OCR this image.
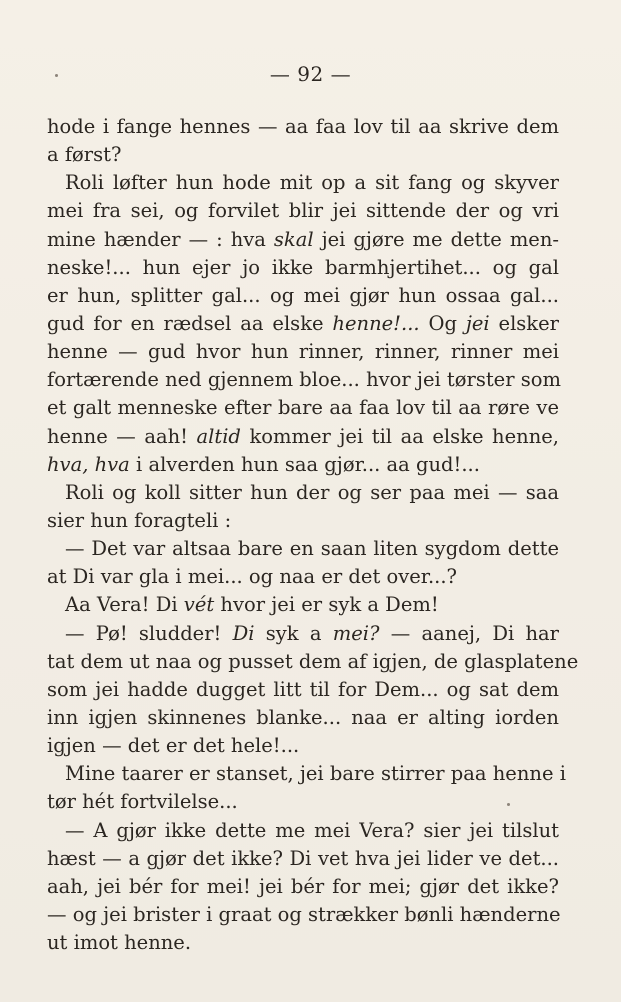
— 92 —
hode i fange hennes — aa faa lov til aa skrive dem
a først?
Roli løfter hun hode mit op a sit fang og skyver
mei fra sei, og forvilet blir jei sittende der og vri
mine hænder — : hva skal jei gjøre me dette men-
neske!... hun ejer jo ikke barmhjertihet... og gal
er hun, splitter gal... og mei gjør hun ossaa gal...
gud for en rædsel aa elske henne!... Og jei elsker
henne — gud hvor hun rinner, rinner, rinner mei
fortærende ned gjennem bloe... hvor jei tørster som
et galt menneske efter bare aa faa lov til aa røre ve
henne — aah! altid kommer jei til aa elske henne,
hva, hva i alverden hun saa gjør... aa gud!...
Roli og koll sitter hun der og ser paa mei — saa
sier hun foragteli :
— Det var altsaa bare en saan liten sygdom dette
at Di var gla i mei... og naa er det over...?
Aa Vera! Di vét hvor jei er syk a Dem!
— Pø! sludder! Di syk a mei? — aanej, Di har
tat dem ut naa og pusset dem af igjen, de glasplatene
som jei hadde dugget litt til for Dem... og sat dem
inn igjen skinnenes blanke... naa er alting iorden
igjen — det er det hele!...
Mine taarer er stanset, jei bare stirrer paa henne i
tør hét fortvilelse...
— A gjør ikke dette me mei Vera? sier jei tilslut
hæst — a gjør det ikke? Di vet hva jei lider ve det...
aah, jei bér for mei! jei bér for mei; gjør det ikke?
— og jei brister i graat og strækker bønli hænderne
ut imot henne.
